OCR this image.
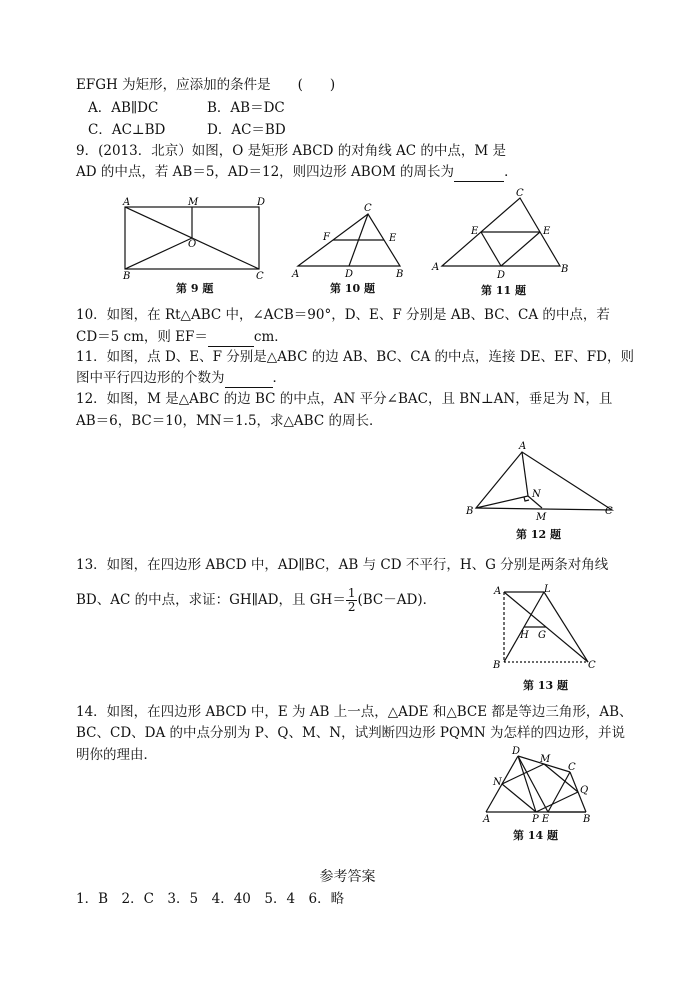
EFGH 为矩形，应添加的条件是　　(　　)
A．AB∥DC	B．AB＝DC
C．AC⊥BD	D．AC＝BD
9．(2013．北京）如图，O 是矩形 ABCD 的对角线 AC 的中点，M 是
AD 的中点，若 AB＝5，AD＝12，则四边形 ABOM 的周长为	．
A	M	D
O
B	C
第 9 题
C
F	E
A	D	B
第 10 题
C
E	E
A
D
B
第 11 题
10．如图，在 Rt△ABC 中，∠ACB＝90°，D、E、F 分别是 AB、BC、CA 的中点，若
CD＝5 cm，则 EF＝	cm．
11．如图，点 D、E、F 分别是△ABC 的边 AB、BC、CA 的中点，连接 DE、EF、FD，则
图中平行四边形的个数为	．
12．如图，M 是△ABC 的边 BC 的中点，AN 平分∠BAC，且 BN⊥AN，垂足为 N，且
AB＝6，BC＝10，MN＝1.5，求△ABC 的周长．
A
N
B
M
C
第 12 题
13．如图，在四边形 ABCD 中，AD∥BC，AB 与 CD 不平行，H、G 分别是两条对角线
BD、AC 的中点，求证：GH∥AD，且 $GH= \frac{1}{2} (BC-AD)$．
A	L
H G
B	C
第 13 题
14．如图，在四边形 ABCD 中，E 为 AB 上一点，△ADE 和△BCE 都是等边三角形，AB、
BC、CD、DA 的中点分别为 P、Q、M、N，试判断四边形 PQMN 为怎样的四边形，并说
明你的理由．	D
M
C
N
Q
A	P E	B
第 14 题
参考答案
1．B　2．C　3．5　4．40　5．4　6．略
